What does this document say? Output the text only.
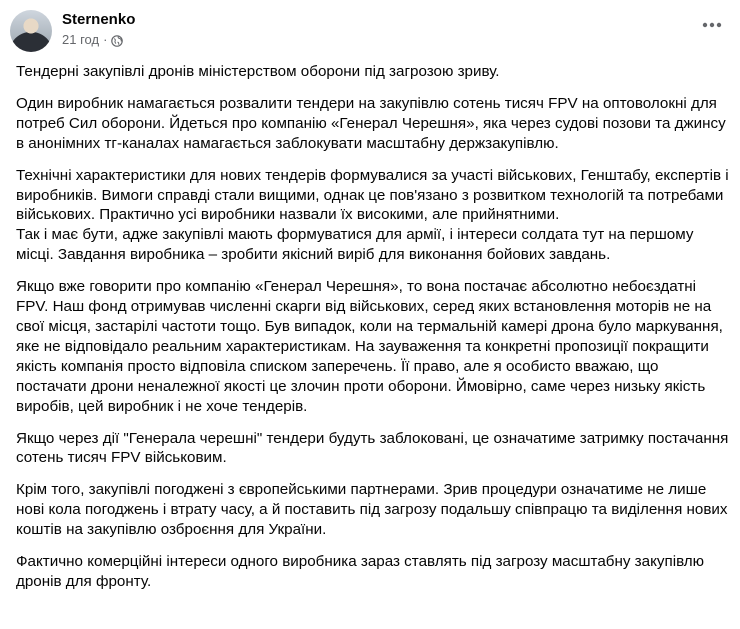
Sternenko
21 год ·

Тендерні закупівлі дронів міністерством оборони під загрозою зриву.

Один виробник намагається розвалити тендери на закупівлю сотень тисяч FPV на оптоволокні для потреб Сил оборони. Йдеться про компанію «Генерал Черешня», яка через судові позови та джинсу в анонімних тг-каналах намагається заблокувати масштабну держзакупівлю.

Технічні характеристики для нових тендерів формувалися за участі військових, Генштабу, експертів і виробників. Вимоги справді стали вищими, однак це пов'язано з розвитком технологій та потребами військових. Практично усі виробники назвали їх високими, але прийнятними.

Так і має бути, адже закупівлі мають формуватися для армії, і інтереси солдата тут на першому місці. Завдання виробника – зробити якісний виріб для виконання бойових завдань.

Якщо вже говорити про компанію «Генерал Черешня», то вона постачає абсолютно небоєздатні FPV. Наш фонд отримував численні скарги від військових, серед яких встановлення моторів не на свої місця, застарілі частоти тощо. Був випадок, коли на термальній камері дрона було маркування, яке не відповідало реальним характеристикам. На зауваження та конкретні пропозиції покращити якість компанія просто відповіла списком заперечень. Її право, але я особисто вважаю, що постачати дрони неналежної якості це злочин проти оборони. Ймовірно, саме через низьку якість виробів, цей виробник і не хоче тендерів.

Якщо через дії "Генерала черешні" тендери будуть заблоковані, це означатиме затримку постачання сотень тисяч FPV військовим.

Крім того, закупівлі погоджені з європейськими партнерами. Зрив процедури означатиме не лише нові кола погоджень і втрату часу, а й поставить під загрозу подальшу співпрацю та виділення нових коштів на закупівлю озброєння для України.

Фактично комерційні інтереси одного виробника зараз ставлять під загрозу масштабну закупівлю дронів для фронту.
